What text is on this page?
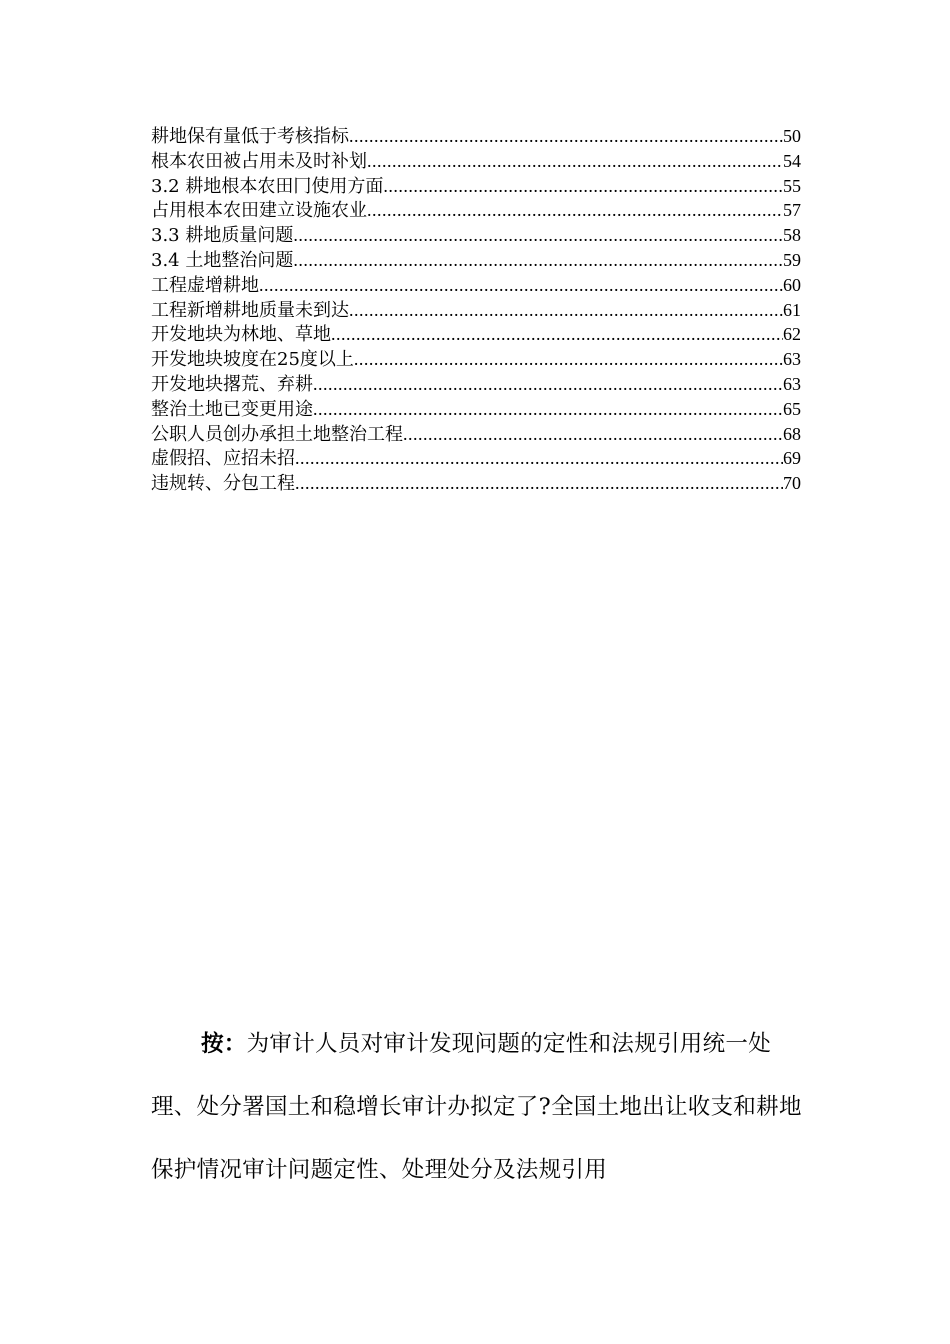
耕地保有量低于考核指标 .....	50
根本农田被占用未及时补划 .....	54
3.2 耕地根本农田冂使用方面 .....	55
占用根本农田建立设施农业 .....	57
3.3 耕地质量问题 .....	58
3.4 土地整治问题 .....	59
工程虚增耕地 .....	60
工程新增耕地质量未到达 .....	61
开发地块为林地、草地 .....	62
开发地块坡度在25度以上 .....	63
开发地块撂荒、弃耕 .....	63
整治土地已变更用途 .....	65
公职人员创办承担土地整治工程 .....	68
虚假招、应招未招 .....	69
违规转、分包工程 .....	70

按：为审计人员对审计发现问题的定性和法规引用统一处理、处分署国土和稳增长审计办拟定了?全国土地出让收支和耕地保护情况审计问题定性、处理处分及法规引用
